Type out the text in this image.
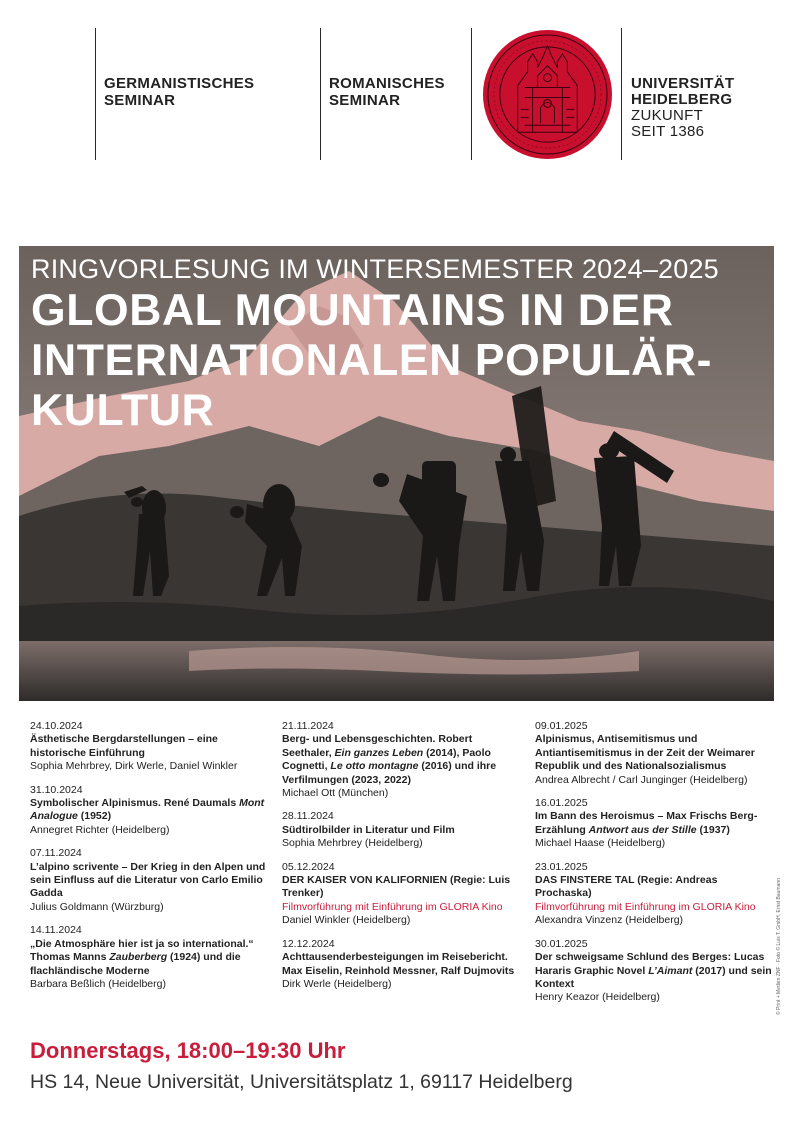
GERMANISTISCHES
SEMINAR
ROMANISCHES
SEMINAR
UNIVERSITÄT
HEIDELBERG
ZUKUNFT
SEIT 1386
RINGVORLESUNG IM WINTERSEMESTER 2024–2025
GLOBAL MOUNTAINS IN DER
INTERNATIONALEN POPULÄR-
KULTUR
24.10.2024
Ästhetische Bergdarstellungen – eine historische Einführung
Sophia Mehrbrey, Dirk Werle, Daniel Winkler
31.10.2024
Symbolischer Alpinismus. René Daumals Mont Analogue (1952)
Annegret Richter (Heidelberg)
07.11.2024
L’alpino scrivente – Der Krieg in den Alpen und sein Einfluss auf die Literatur von Carlo Emilio Gadda
Julius Goldmann (Würzburg)
14.11.2024
„Die Atmosphäre hier ist ja so international.“ Thomas Manns Zauberberg (1924) und die flachländische Moderne
Barbara Beßlich (Heidelberg)
21.11.2024
Berg- und Lebensgeschichten. Robert Seethaler, Ein ganzes Leben (2014), Paolo Cognetti, Le otto montagne (2016) und ihre Verfilmungen (2023, 2022)
Michael Ott (München)
28.11.2024
Südtirolbilder in Literatur und Film
Sophia Mehrbrey (Heidelberg)
05.12.2024
DER KAISER VON KALIFORNIEN (Regie: Luis Trenker)
Filmvorführung mit Einführung im GLORIA Kino
Daniel Winkler (Heidelberg)
12.12.2024
Achttausenderbesteigungen im Reisebericht. Max Eiselin, Reinhold Messner, Ralf Dujmovits
Dirk Werle (Heidelberg)
09.01.2025
Alpinismus, Antisemitismus und Antiantisemitismus in der Zeit der Weimarer Republik und des Nationalsozialismus
Andrea Albrecht / Carl Junginger (Heidelberg)
16.01.2025
Im Bann des Heroismus – Max Frischs Berg-Erzählung Antwort aus der Stille (1937)
Michael Haase (Heidelberg)
23.01.2025
DAS FINSTERE TAL (Regie: Andreas Prochaska)
Filmvorführung mit Einführung im GLORIA Kino
Alexandra Vinzenz (Heidelberg)
30.01.2025
Der schweigsame Schlund des Berges: Lucas Hararis Graphic Novel L’Aimant (2017) und sein Kontext
Henry Keazor (Heidelberg)	© Print + Medien ZNF · Foto © Luis T. GmbH, Ernst Baumann
Donnerstags, 18:00–19:30 Uhr
HS 14, Neue Universität, Universitätsplatz 1, 69117 Heidelberg
